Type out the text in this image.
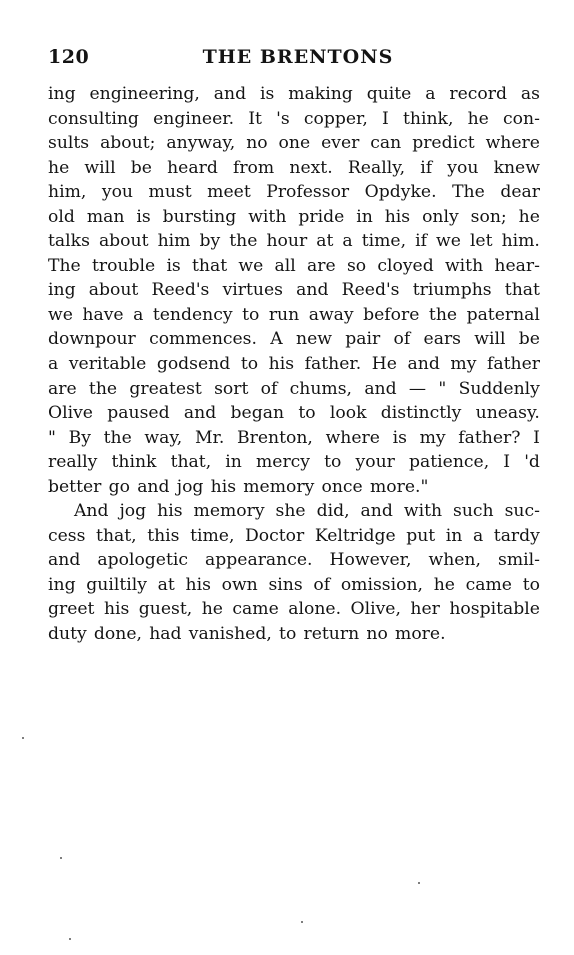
120	THE BRENTONS
ing engineering, and is making quite a record as
consulting engineer. It 's copper, I think, he con-
sults about; anyway, no one ever can predict where
he will be heard from next. Really, if you knew
him, you must meet Professor Opdyke. The dear
old man is bursting with pride in his only son; he
talks about him by the hour at a time, if we let him.
The trouble is that we all are so cloyed with hear-
ing about Reed's virtues and Reed's triumphs that
we have a tendency to run away before the paternal
downpour commences. A new pair of ears will be
a veritable godsend to his father. He and my father
are the greatest sort of chums, and — " Suddenly
Olive paused and began to look distinctly uneasy.
" By the way, Mr. Brenton, where is my father? I
really think that, in mercy to your patience, I 'd
better go and jog his memory once more."
And jog his memory she did, and with such suc-
cess that, this time, Doctor Keltridge put in a tardy
and apologetic appearance. However, when, smil-
ing guiltily at his own sins of omission, he came to
greet his guest, he came alone. Olive, her hospitable
duty done, had vanished, to return no more.
